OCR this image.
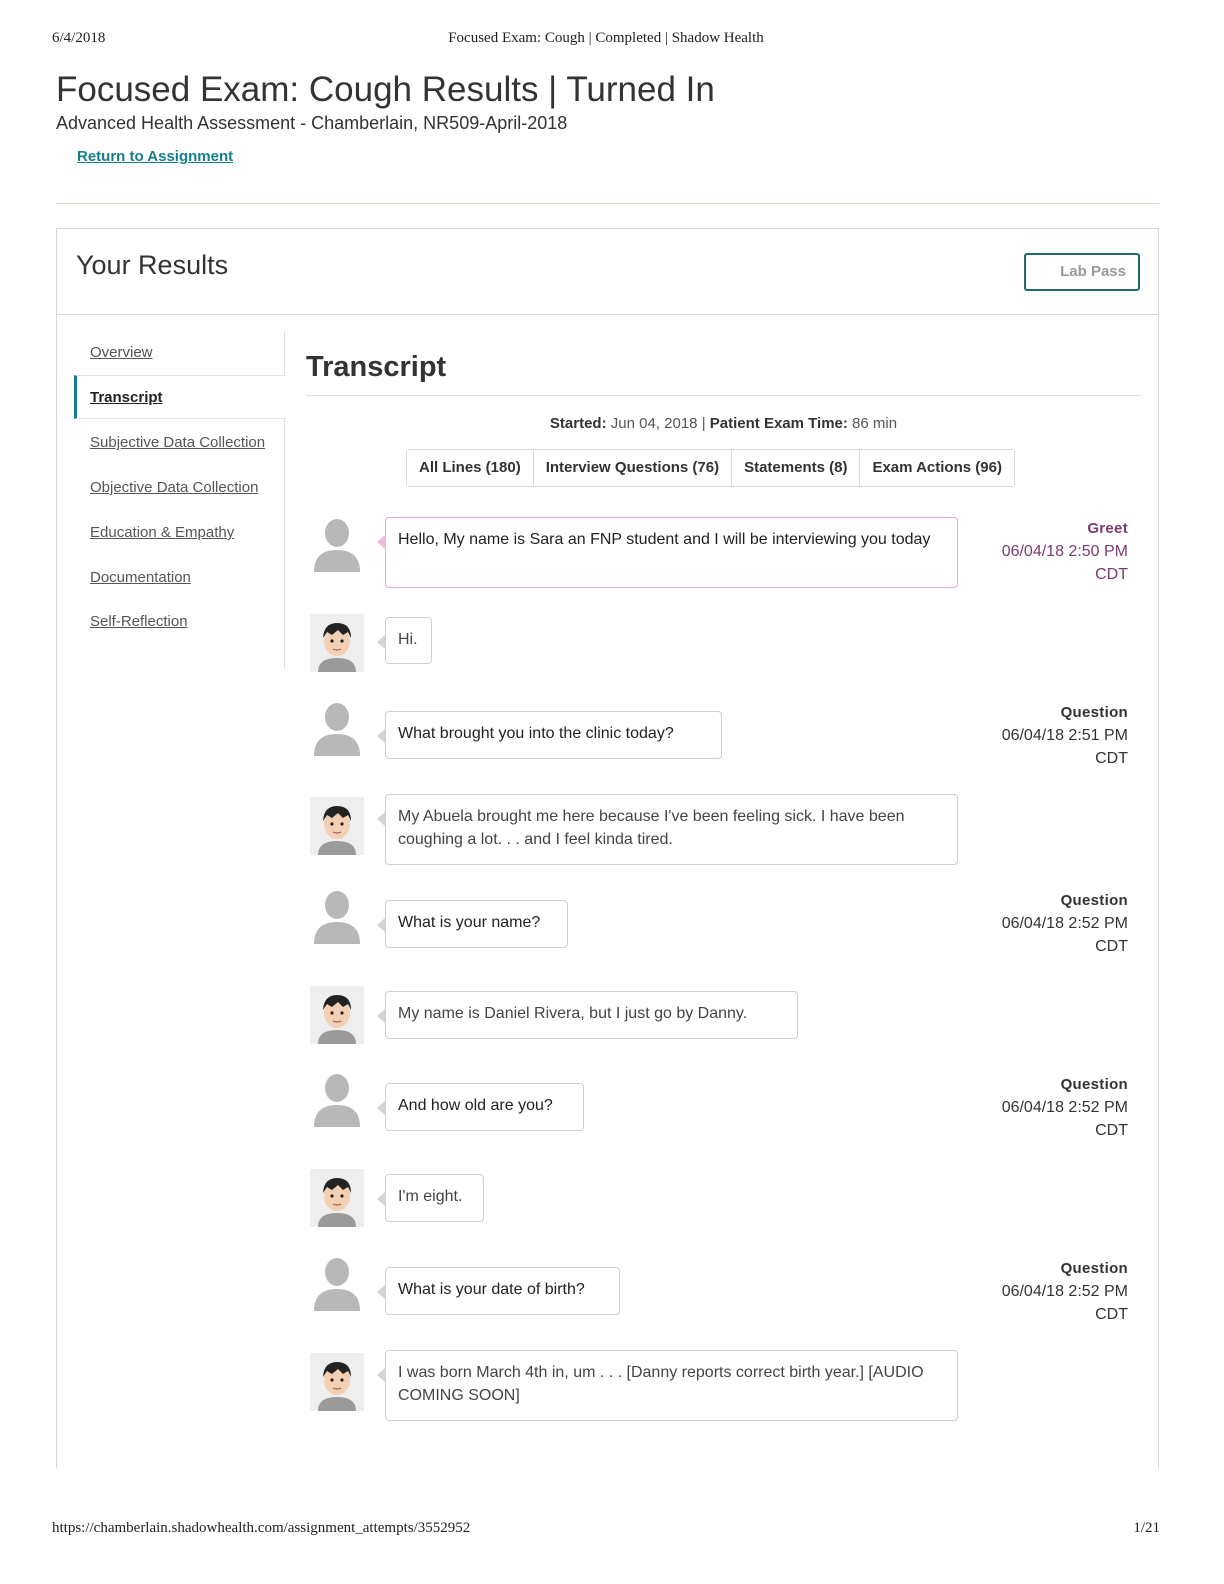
6/4/2018	Focused Exam: Cough | Completed | Shadow Health
Focused Exam: Cough Results | Turned In
Advanced Health Assessment - Chamberlain, NR509-April-2018
Return to Assignment
Your Results	Lab Pass
Overview
Transcript
Subjective Data Collection
Objective Data Collection
Education & Empathy
Documentation
Self-Reflection
Transcript
Started: Jun 04, 2018 | Patient Exam Time: 86 min
All Lines (180)	Interview Questions (76)	Statements (8)	Exam Actions (96)
Hello, My name is Sara an FNP student and I will be interviewing you today
Greet
06/04/18 2:50 PM
CDT
Hi.
What brought you into the clinic today?
Question
06/04/18 2:51 PM
CDT
My Abuela brought me here because I've been feeling sick. I have been coughing a lot. . . and I feel kinda tired.
What is your name?
Question
06/04/18 2:52 PM
CDT
My name is Daniel Rivera, but I just go by Danny.
And how old are you?
Question
06/04/18 2:52 PM
CDT
I'm eight.
What is your date of birth?
Question
06/04/18 2:52 PM
CDT
I was born March 4th in, um . . . [Danny reports correct birth year.] [AUDIO COMING SOON]
https://chamberlain.shadowhealth.com/assignment_attempts/3552952	1/21
